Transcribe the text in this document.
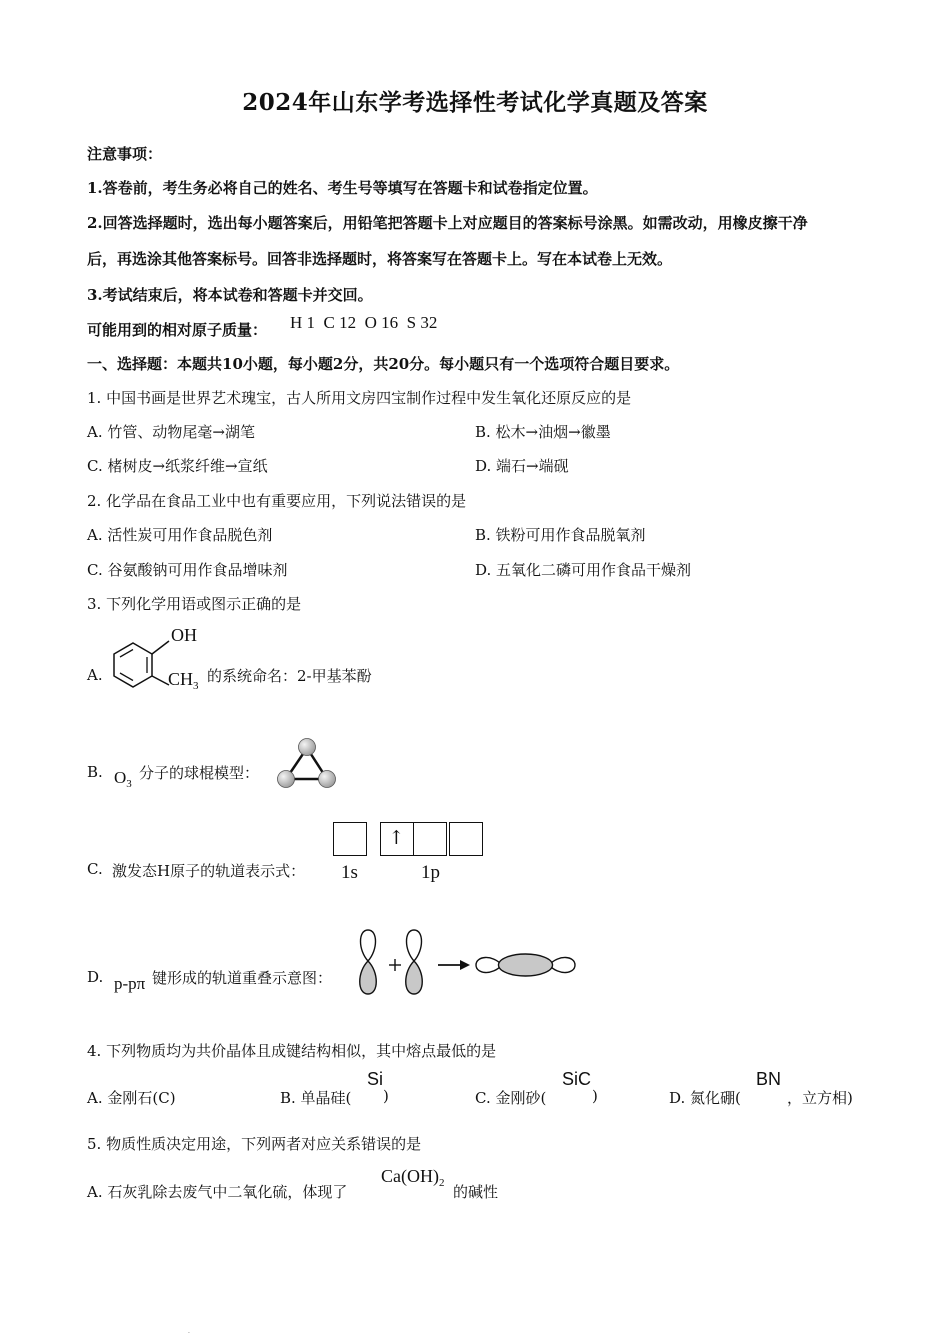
2024年山东学考选择性考试化学真题及答案
注意事项：
1.答卷前，考生务必将自己的姓名、考生号等填写在答题卡和试卷指定位置。
2.回答选择题时，选出每小题答案后，用铅笔把答题卡上对应题目的答案标号涂黑。如需改动，用橡皮擦干净
后，再选涂其他答案标号。回答非选择题时，将答案写在答题卡上。写在本试卷上无效。
3.考试结束后，将本试卷和答题卡并交回。
可能用到的相对原子质量： H 1  C 12  O 16  S 32
一、选择题：本题共10小题，每小题2分，共20分。每小题只有一个选项符合题目要求。
1. 中国书画是世界艺术瑰宝，古人所用文房四宝制作过程中发生氧化还原反应的是
A. 竹管、动物尾毫→湖笔	B. 松木→油烟→徽墨
C. 楮树皮→纸浆纤维→宣纸	D. 端石→端砚
2. 化学品在食品工业中也有重要应用，下列说法错误的是
A. 活性炭可用作食品脱色剂	B. 铁粉可用作食品脱氧剂
C. 谷氨酸钠可用作食品增味剂	D. 五氧化二磷可用作食品干燥剂
3. 下列化学用语或图示正确的是
A.
OH
$CH_3$
的系统命名：2-甲基苯酚
B. $O_3$
分子的球棍模型：
C. 激发态H原子的轨道表示式：
↑
1s	1p
D. p-pπ 键形成的轨道重叠示意图：
4. 下列物质均为共价晶体且成键结构相似，其中熔点最低的是
A. 金刚石(C)	B. 单晶硅(
Si
)	C. 金刚砂(
SiC
)	D. 氮化硼(
BN
，立方相)
5. 物质性质决定用途，下列两者对应关系错误的是
A. 石灰乳除去废气中二氧化硫，体现了
$Ca(OH)_2$ 的碱性
·
